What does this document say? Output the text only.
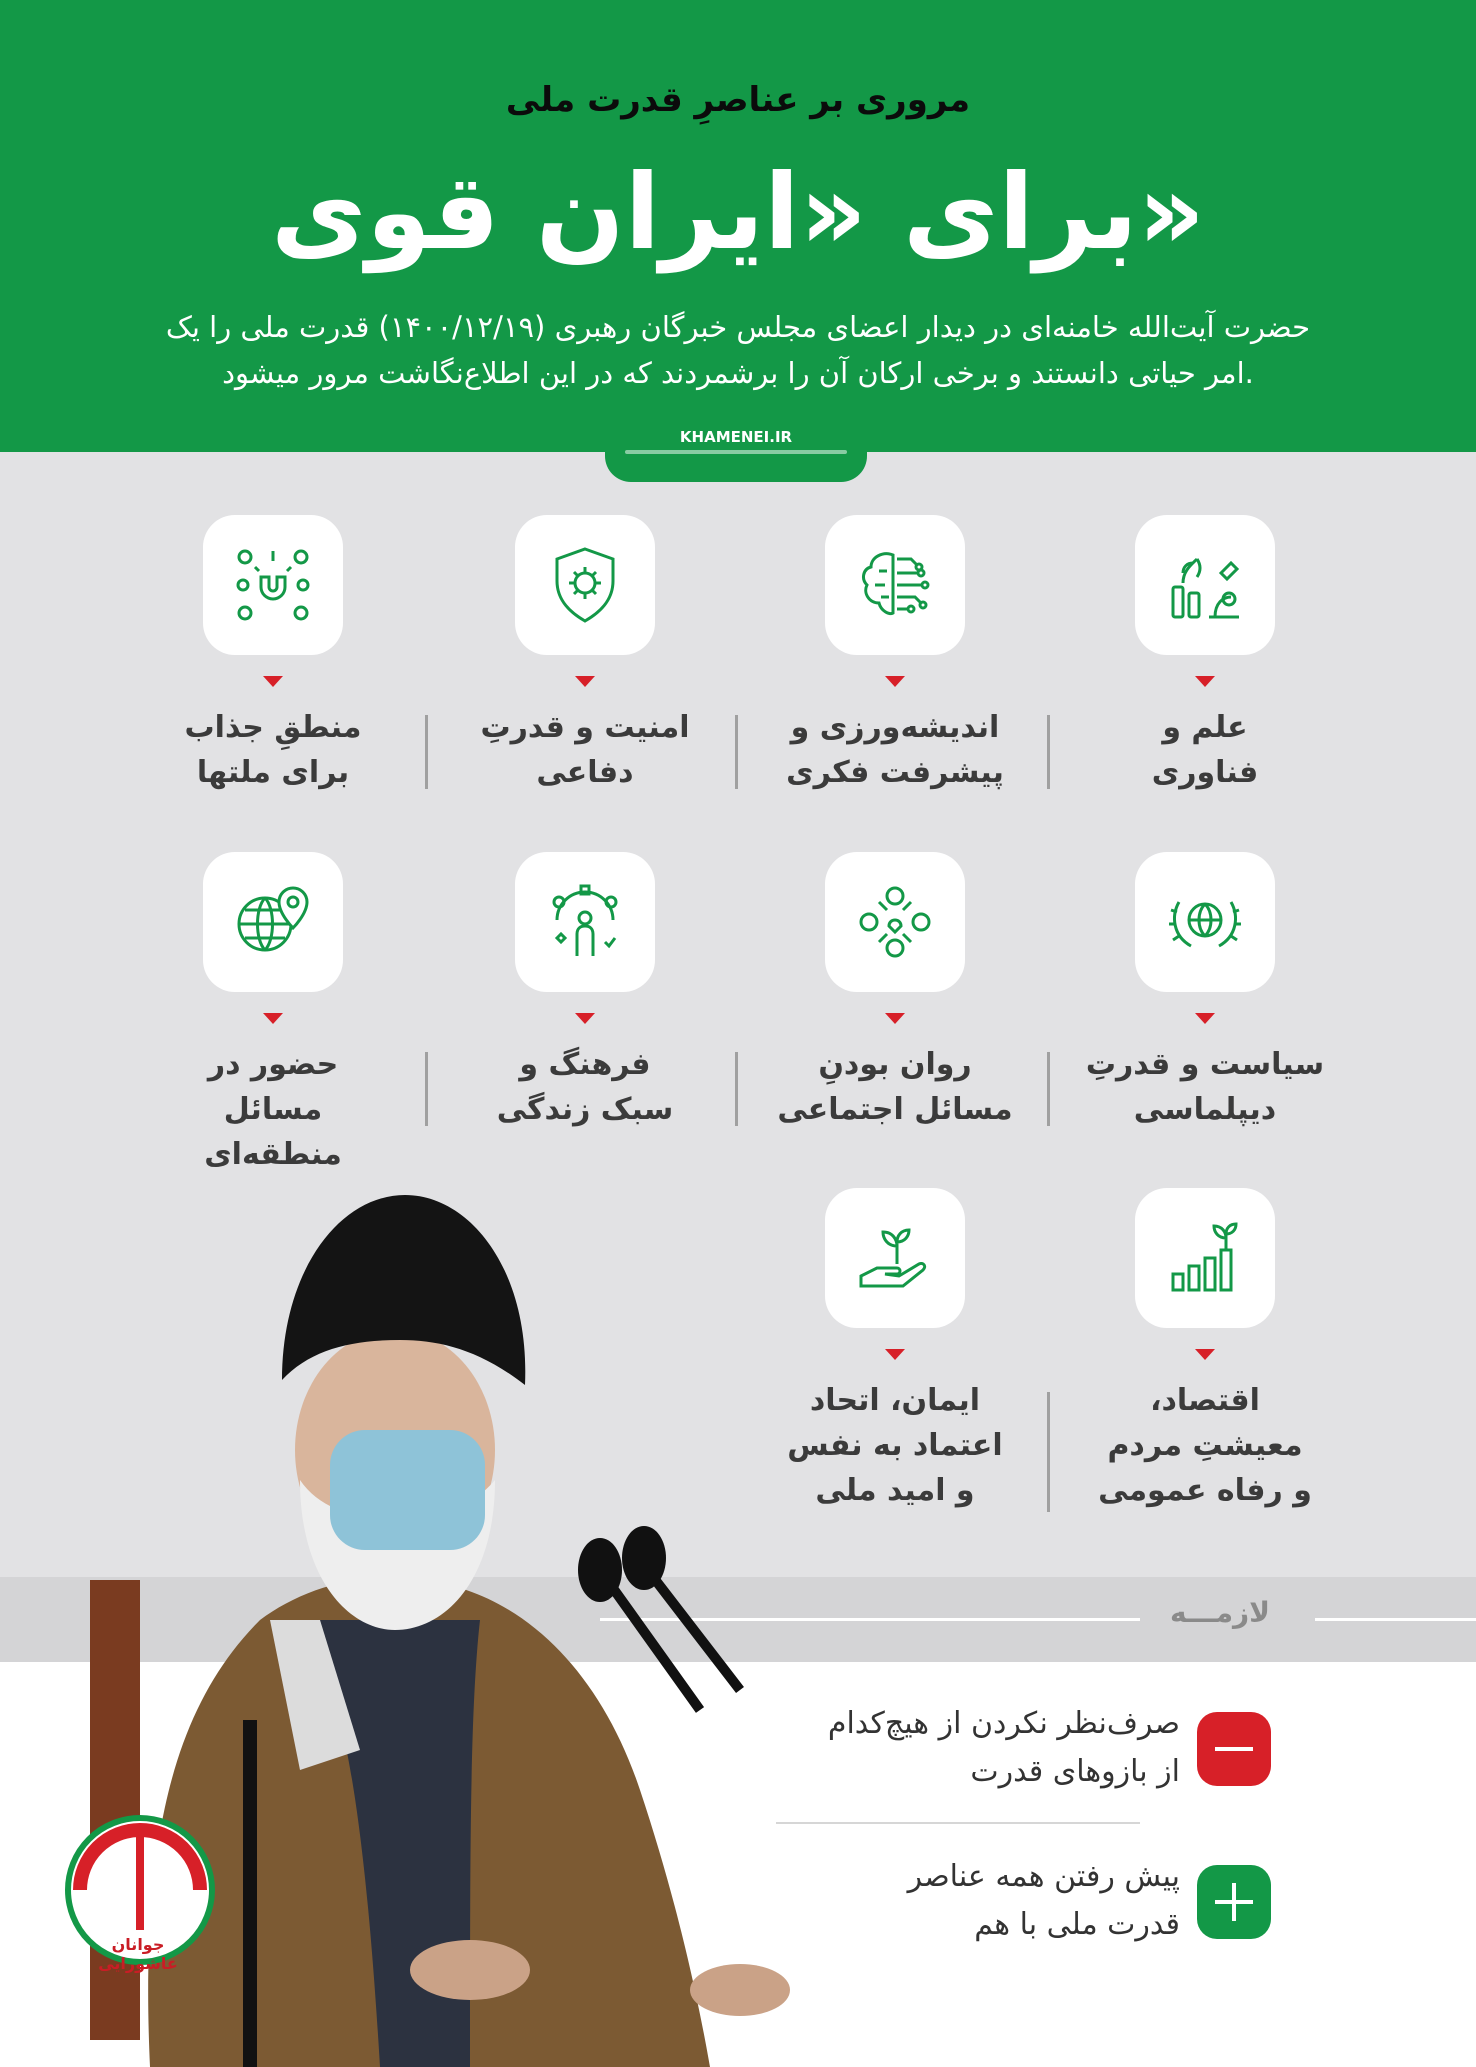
مروری بر عناصرِ قدرت ملی
برای «ایران قوی»
حضرت آیت‌الله خامنه‌ای در دیدار اعضای مجلس خبرگان رهبری (۱۴۰۰/۱۲/۱۹) قدرت ملی را یک امر حیاتی دانستند و برخی ارکان آن را برشمردند که در این اطلاع‌نگاشت مرور میشود.
KHAMENEI.IR
علم و
فناوری
اندیشه‌ورزی و
پیشرفت فکری
امنیت و قدرتِ
دفاعی
منطقِ جذاب
برای ملتها
سیاست و قدرتِ
دیپلماسی
روان بودنِ
مسائل اجتماعی
فرهنگ و
سبک زندگی
حضور در
مسائل منطقه‌ای
اقتصاد،
معیشتِ مردم
و رفاه عمومی
ایمان، اتحاد
اعتماد به نفس
و امید ملی
لازمـــه
صرف‌نظر نکردن از هیچ‌کدام
از بازوهای قدرت
پیش رفتن همه عناصر
قدرت ملی با هم
جوانان عاشورایی
